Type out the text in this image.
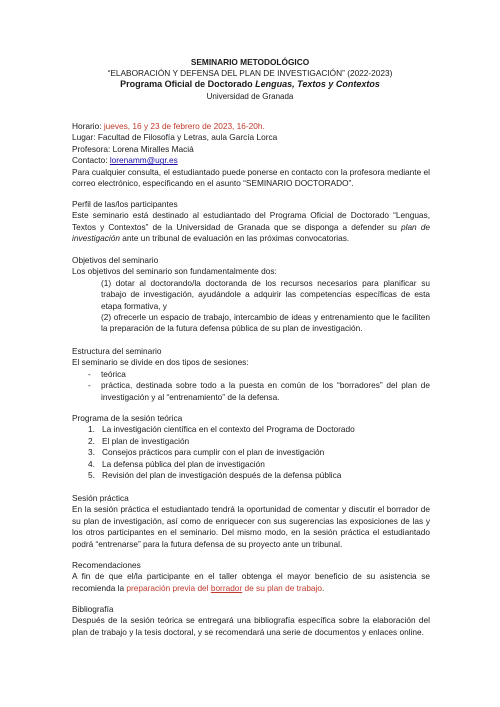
SEMINARIO METODOLÓGICO
“ELABORACIÓN Y DEFENSA DEL PLAN DE INVESTIGACIÓN” (2022-2023)
Programa Oficial de Doctorado Lenguas, Textos y Contextos
Universidad de Granada
Horario: jueves, 16 y 23 de febrero de 2023, 16-20h.
Lugar: Facultad de Filosofía y Letras, aula García Lorca
Profesora: Lorena Miralles Maciá
Contacto: lorenamm@ugr.es
Para cualquier consulta, el estudiantado puede ponerse en contacto con la profesora mediante el correo electrónico, especificando en el asunto “SEMINARIO DOCTORADO”.
Perfil de las/los participantes
Este seminario está destinado al estudiantado del Programa Oficial de Doctorado “Lenguas, Textos y Contextos” de la Universidad de Granada que se disponga a defender su plan de investigación ante un tribunal de evaluación en las próximas convocatorias.
Objetivos del seminario
Los objetivos del seminario son fundamentalmente dos:

(1) dotar al doctorando/la doctoranda de los recursos necesarios para planificar su trabajo de investigación, ayudándole a adquirir las competencias específicas de esta etapa formativa, y

(2) ofrecerle un espacio de trabajo, intercambio de ideas y entrenamiento que le faciliten la preparación de la futura defensa pública de su plan de investigación.

Estructura del seminario
El seminario se divide en dos tipos de sesiones:
- teórica
- práctica, destinada sobre todo a la puesta en común de los “borradores” del plan de investigación y al “entrenamiento” de la defensa.
Programa de la sesión teórica
1. La investigación científica en el contexto del Programa de Doctorado
2. El plan de investigación
3. Consejos prácticos para cumplir con el plan de investigación
4. La defensa pública del plan de investigación
5. Revisión del plan de investigación después de la defensa pública
Sesión práctica
En la sesión práctica el estudiantado tendrá la oportunidad de comentar y discutir el borrador de su plan de investigación, así como de enriquecer con sus sugerencias las exposiciones de las y los otros participantes en el seminario. Del mismo modo, en la sesión práctica el estudiantado podrá “entrenarse” para la futura defensa de su proyecto ante un tribunal.
Recomendaciones
A fin de que el/la participante en el taller obtenga el mayor beneficio de su asistencia se recomienda la preparación previa del borrador de su plan de trabajo.
Bibliografía
Después de la sesión teórica se entregará una bibliografía específica sobre la elaboración del plan de trabajo y la tesis doctoral, y se recomendará una serie de documentos y enlaces online.
